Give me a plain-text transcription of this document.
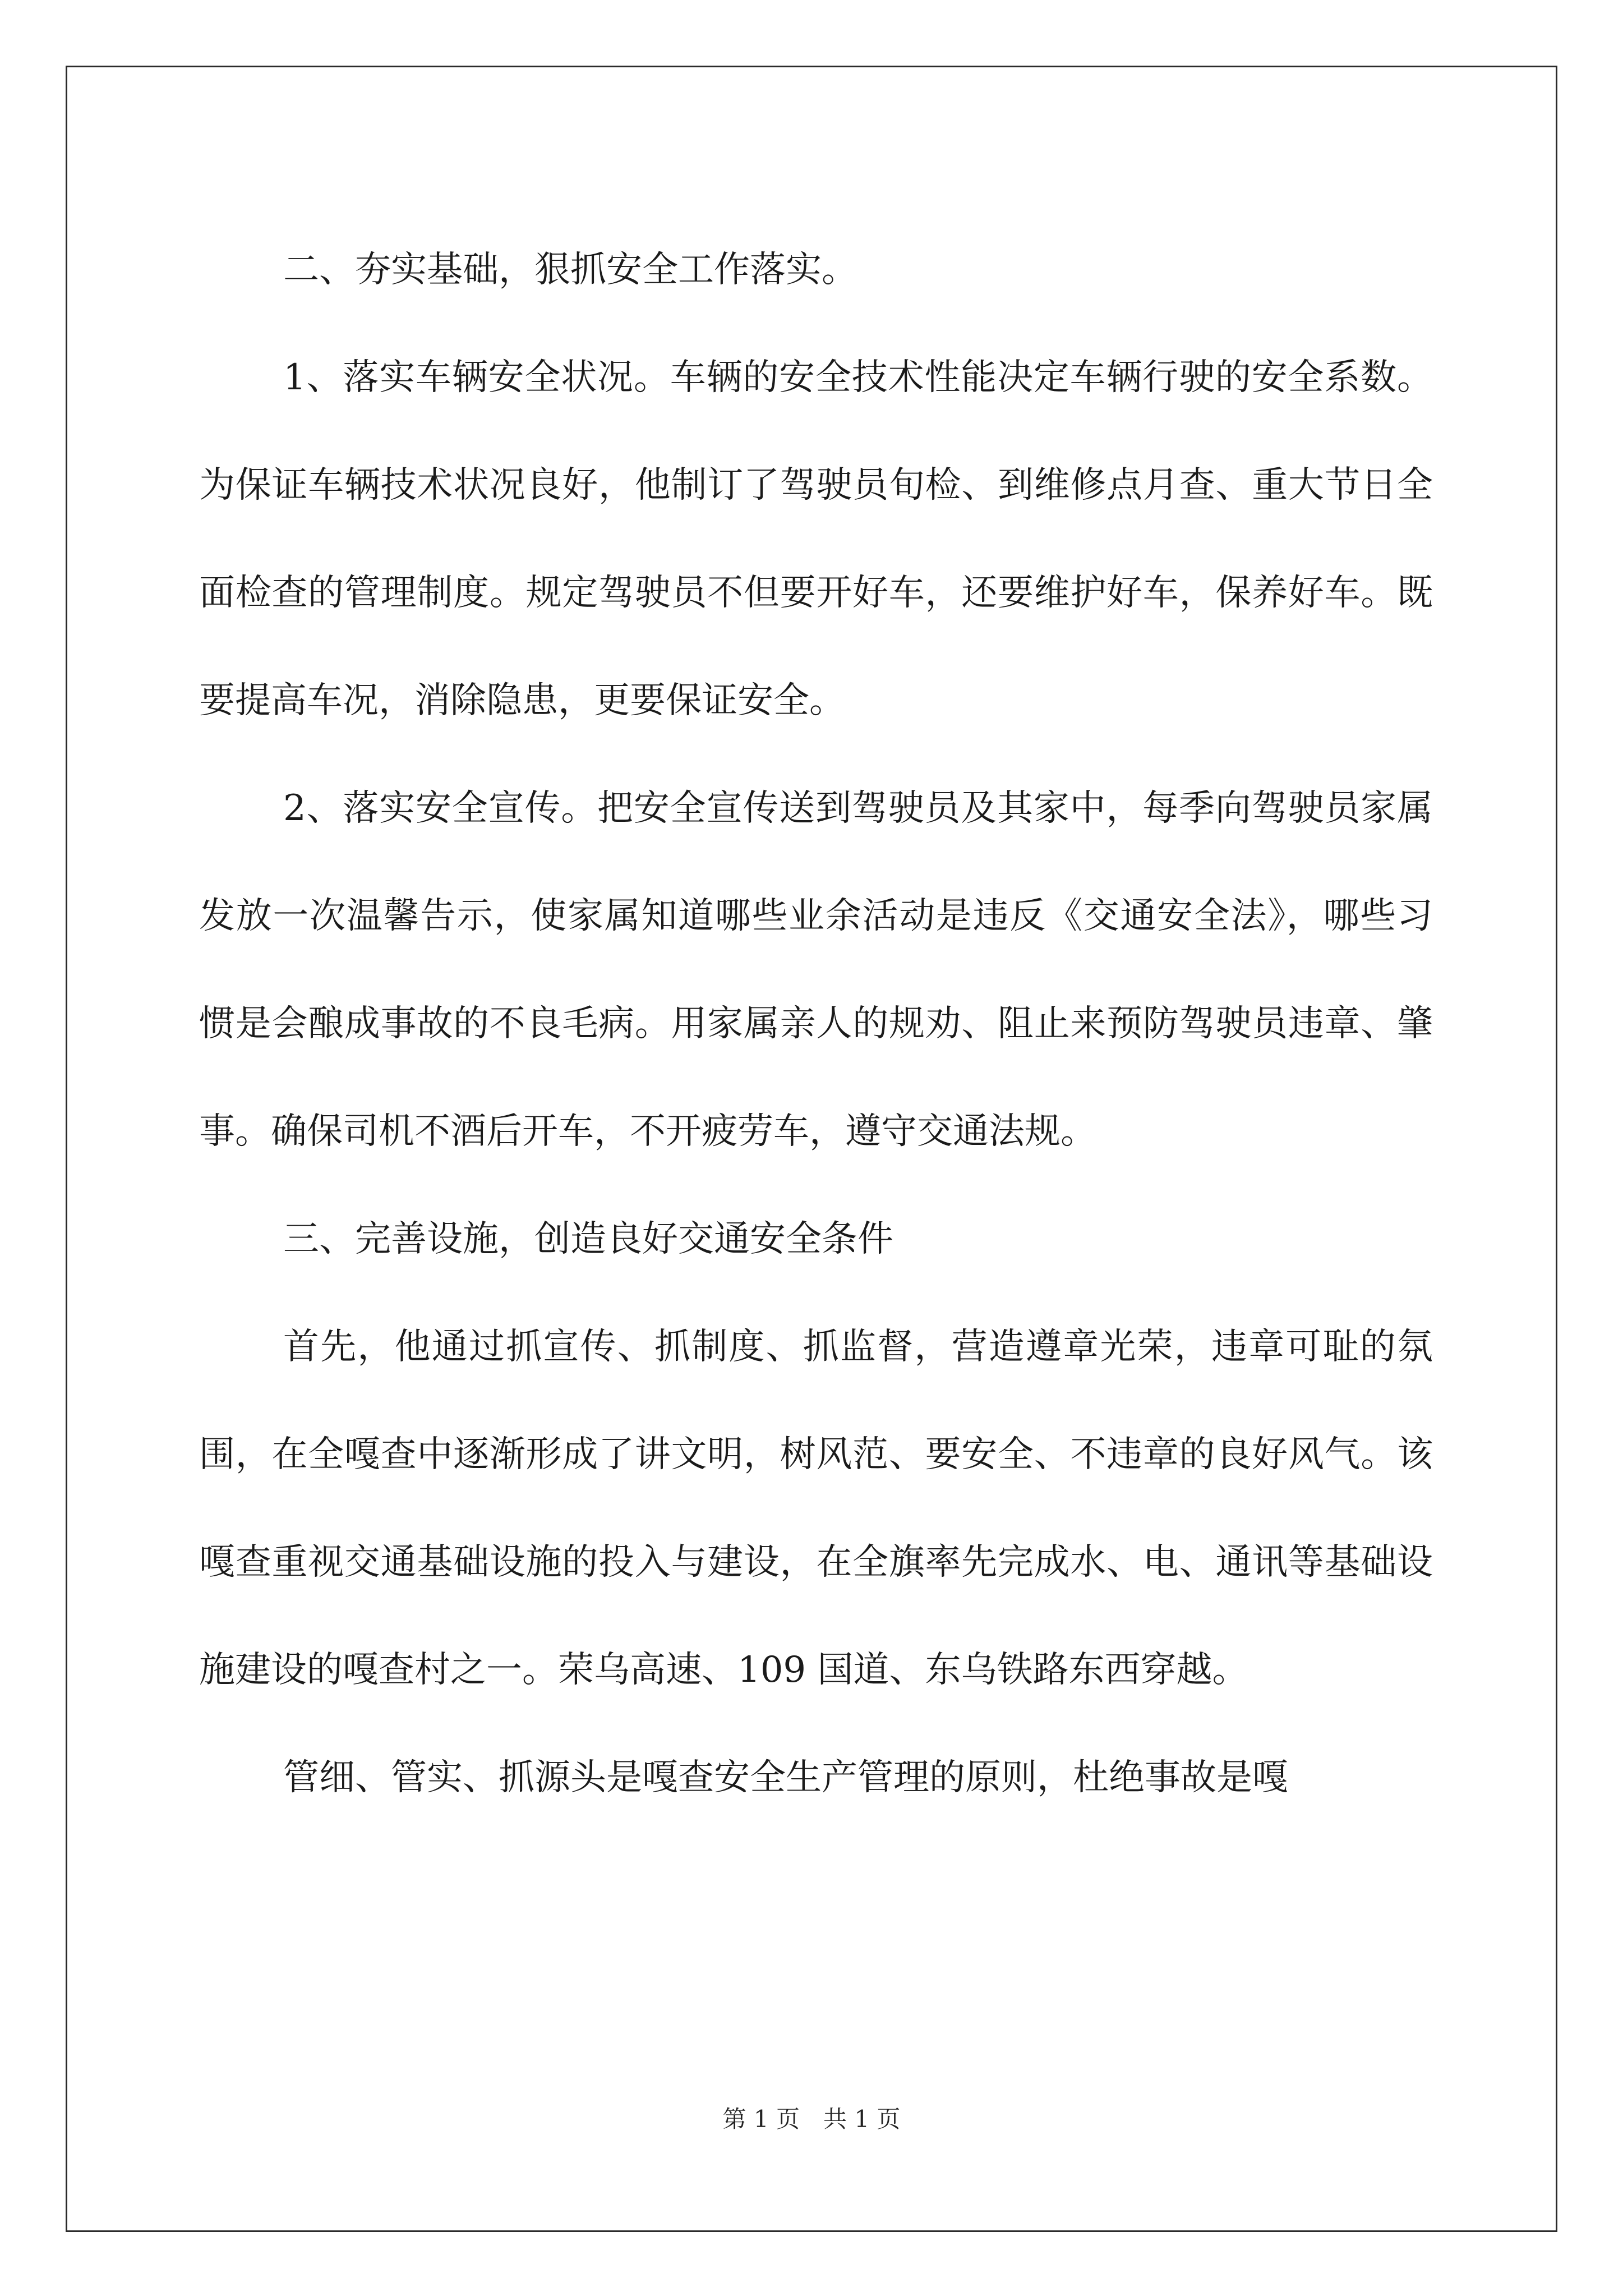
二、夯实基础，狠抓安全工作落实。

1、落实车辆安全状况。车辆的安全技术性能决定车辆行驶的安全系数。为保证车辆技术状况良好，他制订了驾驶员旬检、到维修点月查、重大节日全面检查的管理制度。规定驾驶员不但要开好车，还要维护好车，保养好车。既要提高车况，消除隐患，更要保证安全。

2、落实安全宣传。把安全宣传送到驾驶员及其家中，每季向驾驶员家属发放一次温馨告示，使家属知道哪些业余活动是违反《交通安全法》，哪些习惯是会酿成事故的不良毛病。用家属亲人的规劝、阻止来预防驾驶员违章、肇事。确保司机不酒后开车，不开疲劳车，遵守交通法规。

三、完善设施，创造良好交通安全条件

首先，他通过抓宣传、抓制度、抓监督，营造遵章光荣，违章可耻的氛围，在全嘎查中逐渐形成了讲文明，树风范、要安全、不违章的良好风气。该嘎查重视交通基础设施的投入与建设，在全旗率先完成水、电、通讯等基础设施建设的嘎查村之一。荣乌高速、109 国道、东乌铁路东西穿越。

管细、管实、抓源头是嘎查安全生产管理的原则，杜绝事故是嘎

第 1 页　共 1 页
